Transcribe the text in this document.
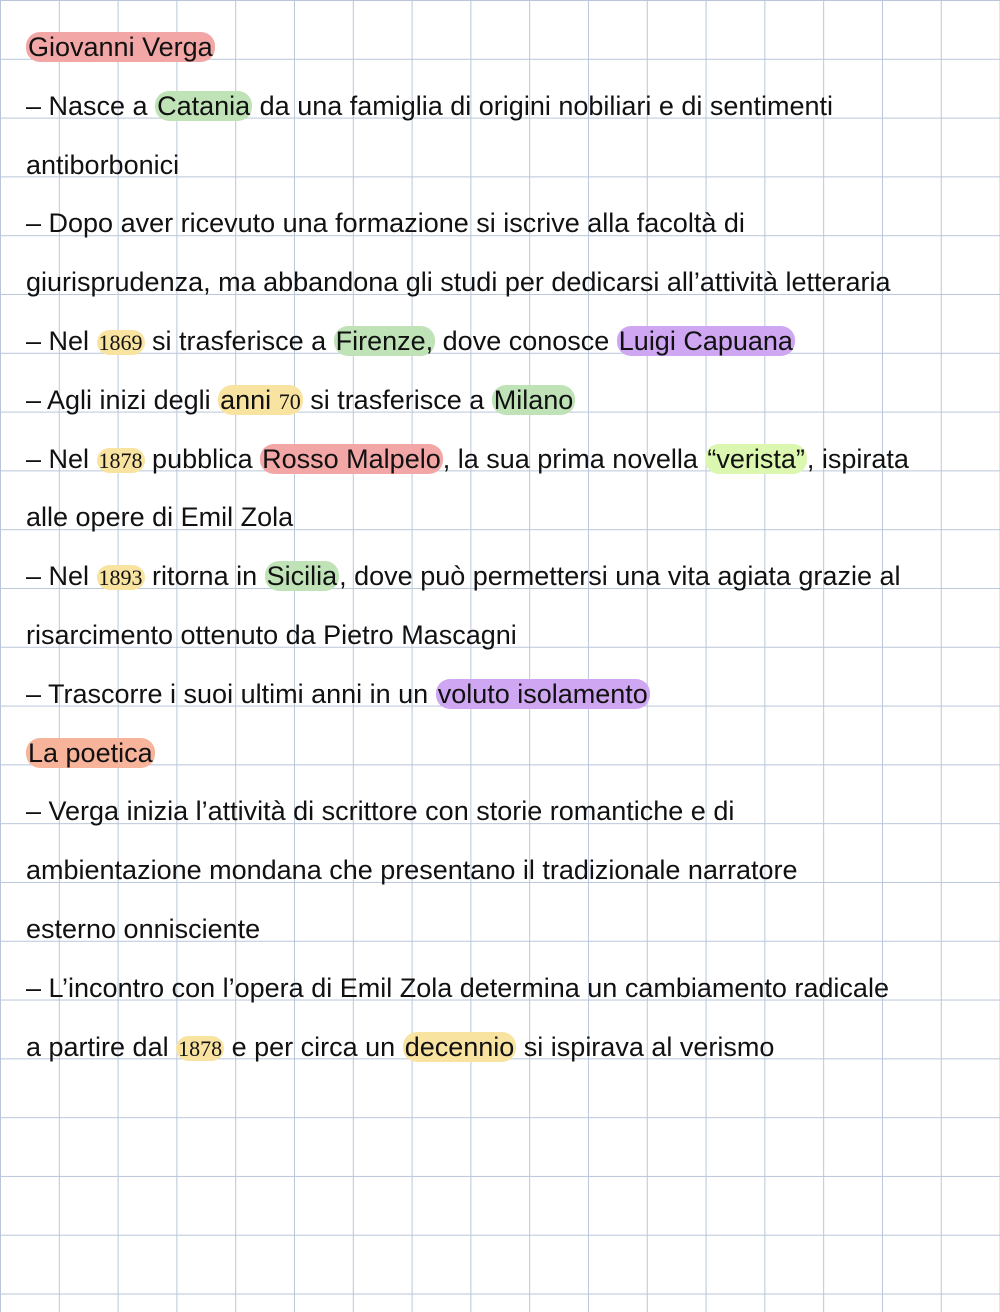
Giovanni Verga
– Nasce a Catania da una famiglia di origini nobiliari e di sentimenti
antiborbonici
– Dopo aver ricevuto una formazione si iscrive alla facoltà di
giurisprudenza, ma abbandona gli studi per dedicarsi all’attività letteraria
– Nel 1869 si trasferisce a Firenze, dove conosce Luigi Capuana
– Agli inizi degli anni 70 si trasferisce a Milano
– Nel 1878 pubblica Rosso Malpelo, la sua prima novella “verista”, ispirata
alle opere di Emil Zola
– Nel 1893 ritorna in Sicilia, dove può permettersi una vita agiata grazie al
risarcimento ottenuto da Pietro Mascagni
– Trascorre i suoi ultimi anni in un voluto isolamento
La poetica
– Verga inizia l’attività di scrittore con storie romantiche e di
ambientazione mondana che presentano il tradizionale narratore
esterno onnisciente
– L’incontro con l’opera di Emil Zola determina un cambiamento radicale
a partire dal 1878 e per circa un decennio si ispirava al verismo
